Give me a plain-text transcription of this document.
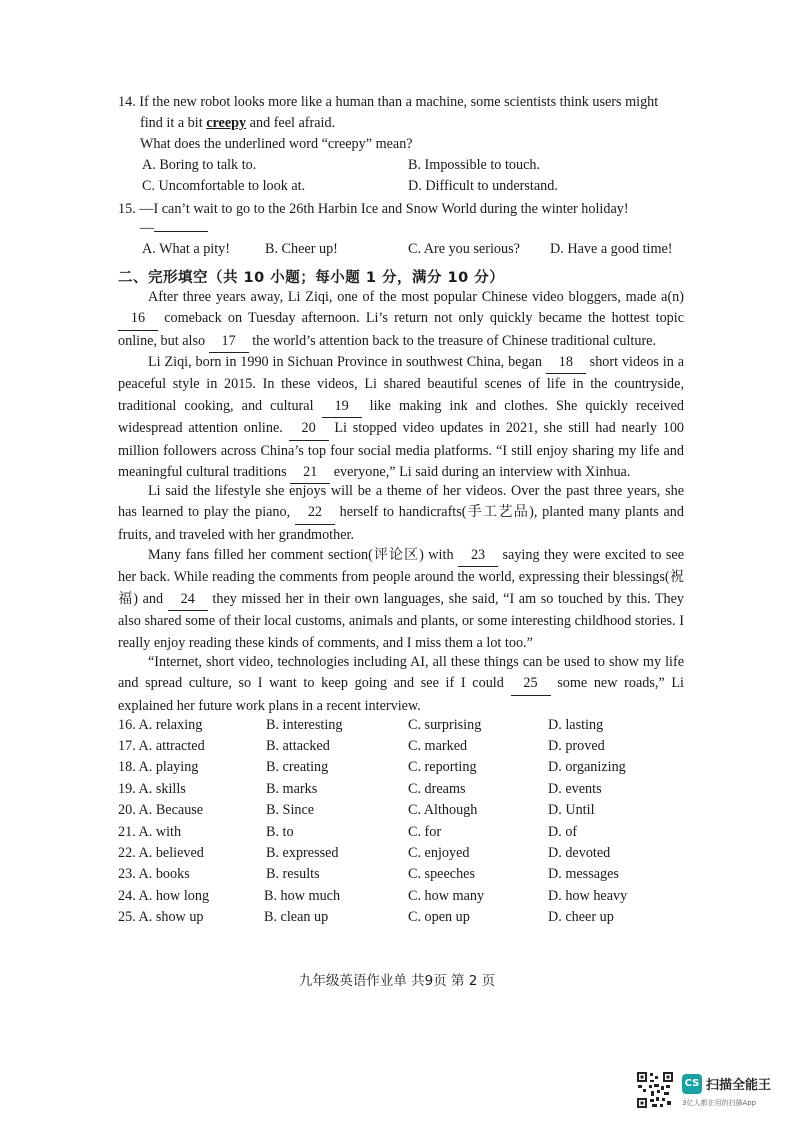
14. If the new robot looks more like a human than a machine, some scientists think users might
find it a bit creepy and feel afraid.
What does the underlined word “creepy” mean?
A. Boring to talk to.	B. Impossible to touch.
C. Uncomfortable to look at.	D. Difficult to understand.
15. —I can’t wait to go to the 26th Harbin Ice and Snow World during the winter holiday!
—
A. What a pity! B. Cheer up!	C. Are you serious? D. Have a good time!
二、完形填空（共 10 小题；每小题 1 分，满分 10 分）
After three years away, Li Ziqi, one of the most popular Chinese video bloggers, made a(n) 16 comeback on Tuesday afternoon. Li’s return not only quickly became the hottest topic online, but also 17 the world’s attention back to the treasure of Chinese traditional culture.
Li Ziqi, born in 1990 in Sichuan Province in southwest China, began 18 short videos in a peaceful style in 2015. In these videos, Li shared beautiful scenes of life in the countryside, traditional cooking, and cultural 19 like making ink and clothes. She quickly received widespread attention online. 20 Li stopped video updates in 2021, she still had nearly 100 million followers across China’s top four social media platforms. “I still enjoy sharing my life and meaningful cultural traditions 21 everyone,” Li said during an interview with Xinhua.
Li said the lifestyle she enjoys will be a theme of her videos. Over the past three years, she has learned to play the piano, 22 herself to handicrafts(手工艺品), planted many plants and fruits, and traveled with her grandmother.
Many fans filled her comment section(评论区) with 23 saying they were excited to see her back. While reading the comments from people around the world, expressing their blessings(祝福) and 24 they missed her in their own languages, she said, “I am so touched by this. They also shared some of their local customs, animals and plants, or some interesting childhood stories. I really enjoy reading these kinds of comments, and I miss them a lot too.”
“Internet, short video, technologies including AI, all these things can be used to show my life and spread culture, so I want to keep going and see if I could 25 some new roads,” Li explained her future work plans in a recent interview.
16. A. relaxing	B. interesting	C. surprising	D. lasting
17. A. attracted	B. attacked	C. marked	D. proved
18. A. playing	B. creating	C. reporting	D. organizing
19. A. skills	B. marks	C. dreams	D. events
20. A. Because	B. Since	C. Although	D. Until
21. A. with	B. to	C. for	D. of
22. A. believed	B. expressed	C. enjoyed	D. devoted
23. A. books	B. results	C. speeches	D. messages
24. A. how long	B. how much	C. how many	D. how heavy
25. A. show up	B. clean up	C. open up	D. cheer up
九年级英语作业单 共9页 第 2 页
CS 扫描全能王
3亿人都在用的扫描App
